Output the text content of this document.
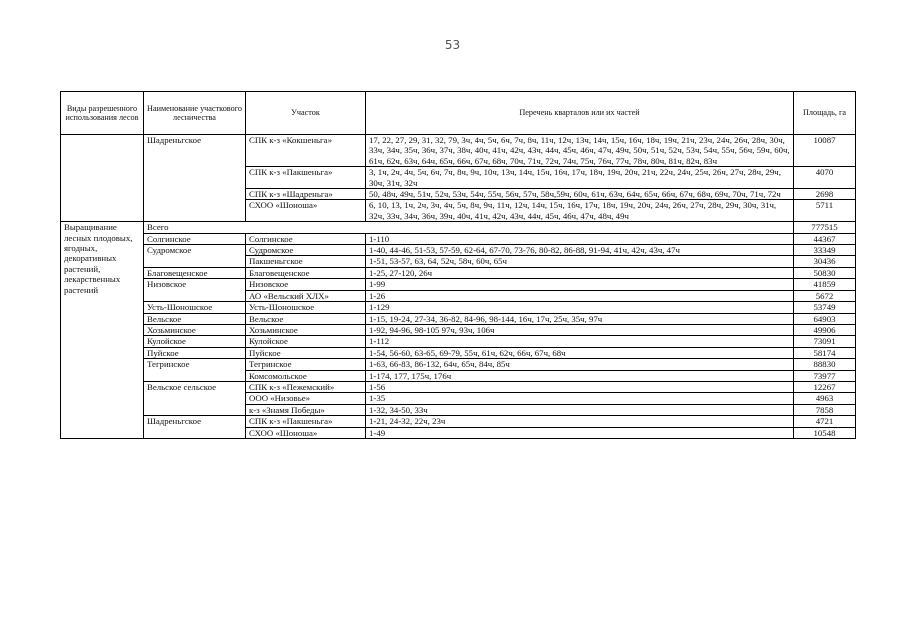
53
Виды разрешенного использования лесов	Наименование участкового лесничества	Участок	Перечень кварталов или их частей	Площадь, га
	Шадреньгское	СПК к-з «Кокшеньга»	17, 22, 27, 29, 31, 32, 79, 3ч, 4ч, 5ч, 6ч, 7ч, 8ч, 11ч, 12ч, 13ч, 14ч, 15ч, 16ч, 18ч, 19ч, 21ч, 23ч, 24ч, 26ч, 28ч, 30ч, 33ч, 34ч, 35ч, 36ч, 37ч, 38ч, 40ч, 41ч, 42ч, 43ч, 44ч, 45ч, 46ч, 47ч, 49ч, 50ч, 51ч, 52ч, 53ч, 54ч, 55ч, 56ч, 59ч, 60ч, 61ч, 62ч, 63ч, 64ч, 65ч, 66ч, 67ч, 68ч, 70ч, 71ч, 72ч, 74ч, 75ч, 76ч, 77ч, 78ч, 80ч, 81ч, 82ч, 83ч	10087
		СПК к-з «Пакшеньга»	3, 1ч, 2ч, 4ч, 5ч, 6ч, 7ч, 8ч, 9ч, 10ч, 13ч, 14ч, 15ч, 16ч, 17ч, 18ч, 19ч, 20ч, 21ч, 22ч, 24ч, 25ч, 26ч, 27ч, 28ч, 29ч, 30ч, 31ч, 32ч	4070
		СПК к-з «Шадреньга»	50, 48ч, 49ч, 51ч, 52ч, 53ч, 54ч, 55ч, 56ч, 57ч, 58ч,59ч, 60ч, 61ч, 63ч, 64ч, 65ч, 66ч, 67ч, 68ч, 69ч, 70ч, 71ч, 72ч	2698
		СХОО «Шоноша»	6, 10, 13, 1ч, 2ч, 3ч, 4ч, 5ч, 8ч, 9ч, 11ч, 12ч, 14ч, 15ч, 16ч, 17ч, 18ч, 19ч, 20ч, 24ч, 26ч, 27ч, 28ч, 29ч, 30ч, 31ч, 32ч, 33ч, 34ч, 36ч, 39ч, 40ч, 41ч, 42ч, 43ч, 44ч, 45ч, 46ч, 47ч, 48ч, 49ч	5711
Выращивание лесных плодовых, ягодных, декоративных растений, лекарственных растений	Всего			777515
	Солгинское	Солгинское	1-110	44367
	Судромское	Судромское	1-40, 44-46, 51-53, 57-59, 62-64, 67-70, 73-76, 80-82, 86-88, 91-94, 41ч, 42ч, 43ч, 47ч	33349
		Пакшеньгское	1-51, 53-57, 63, 64, 52ч, 58ч, 60ч, 65ч	30436
	Благовещенское	Благовещенское	1-25, 27-120, 26ч	50830
	Низовское	Низовское	1-99	41859
		АО «Вельский ХЛХ»	1-26	5672
	Усть-Шоношское	Усть-Шоношское	1-129	53749
	Вельское	Вельское	1-15, 19-24, 27-34, 36-82, 84-96, 98-144, 16ч, 17ч, 25ч, 35ч, 97ч	64903
	Хозьминское	Хозьминское	1-92, 94-96, 98-105 97ч, 93ч, 106ч	49906
	Кулойское	Кулойское	1-112	73091
	Пуйское	Пуйское	1-54, 56-60, 63-65, 69-79, 55ч, 61ч, 62ч, 66ч, 67ч, 68ч	58174
	Тегринское	Тегринское	1-63, 66-83, 86-132, 64ч, 65ч, 84ч, 85ч	88830
		Комсомольское	1-174, 177, 175ч, 176ч	73977
	Вельское сельское	СПК к-з «Пежемский»	1-56	12267
		ООО «Низовье»	1-35	4963
		к-з «Знамя Победы»	1-32, 34-50, 33ч	7858
	Шадреньгское	СПК к-з «Пакшеньга»	1-21, 24-32, 22ч, 23ч	4721
		СХОО «Шоноша»	1-49	10548
